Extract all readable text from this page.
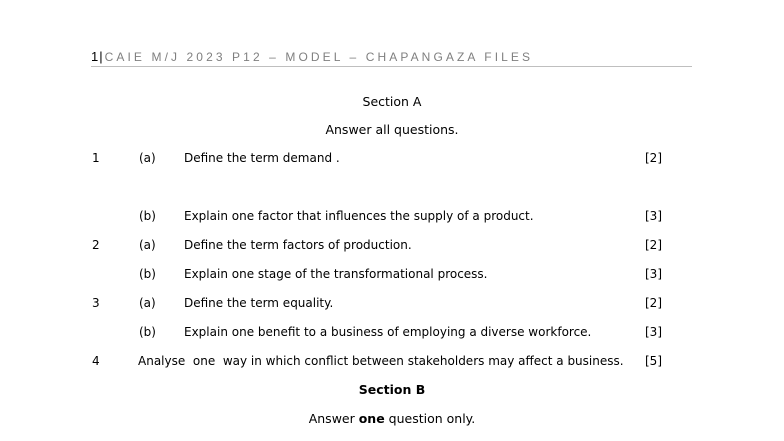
1| CAIE M/J 2023 P12 – MODEL – CHAPANGAZA FILES
Section A
Answer all questions.
1	(a) Define the term demand .	[2]
(b) Explain one factor that influences the supply of a product.	[3]
2	(a) Define the term factors of production.	[2]
(b) Explain one stage of the transformational process.	[3]
3	(a) Define the term equality.	[2]
(b) Explain one benefit to a business of employing a diverse workforce.	[3]
4	Analyse  one  way in which conflict between stakeholders may affect a business. [5]
Section B
Answer one question only.
